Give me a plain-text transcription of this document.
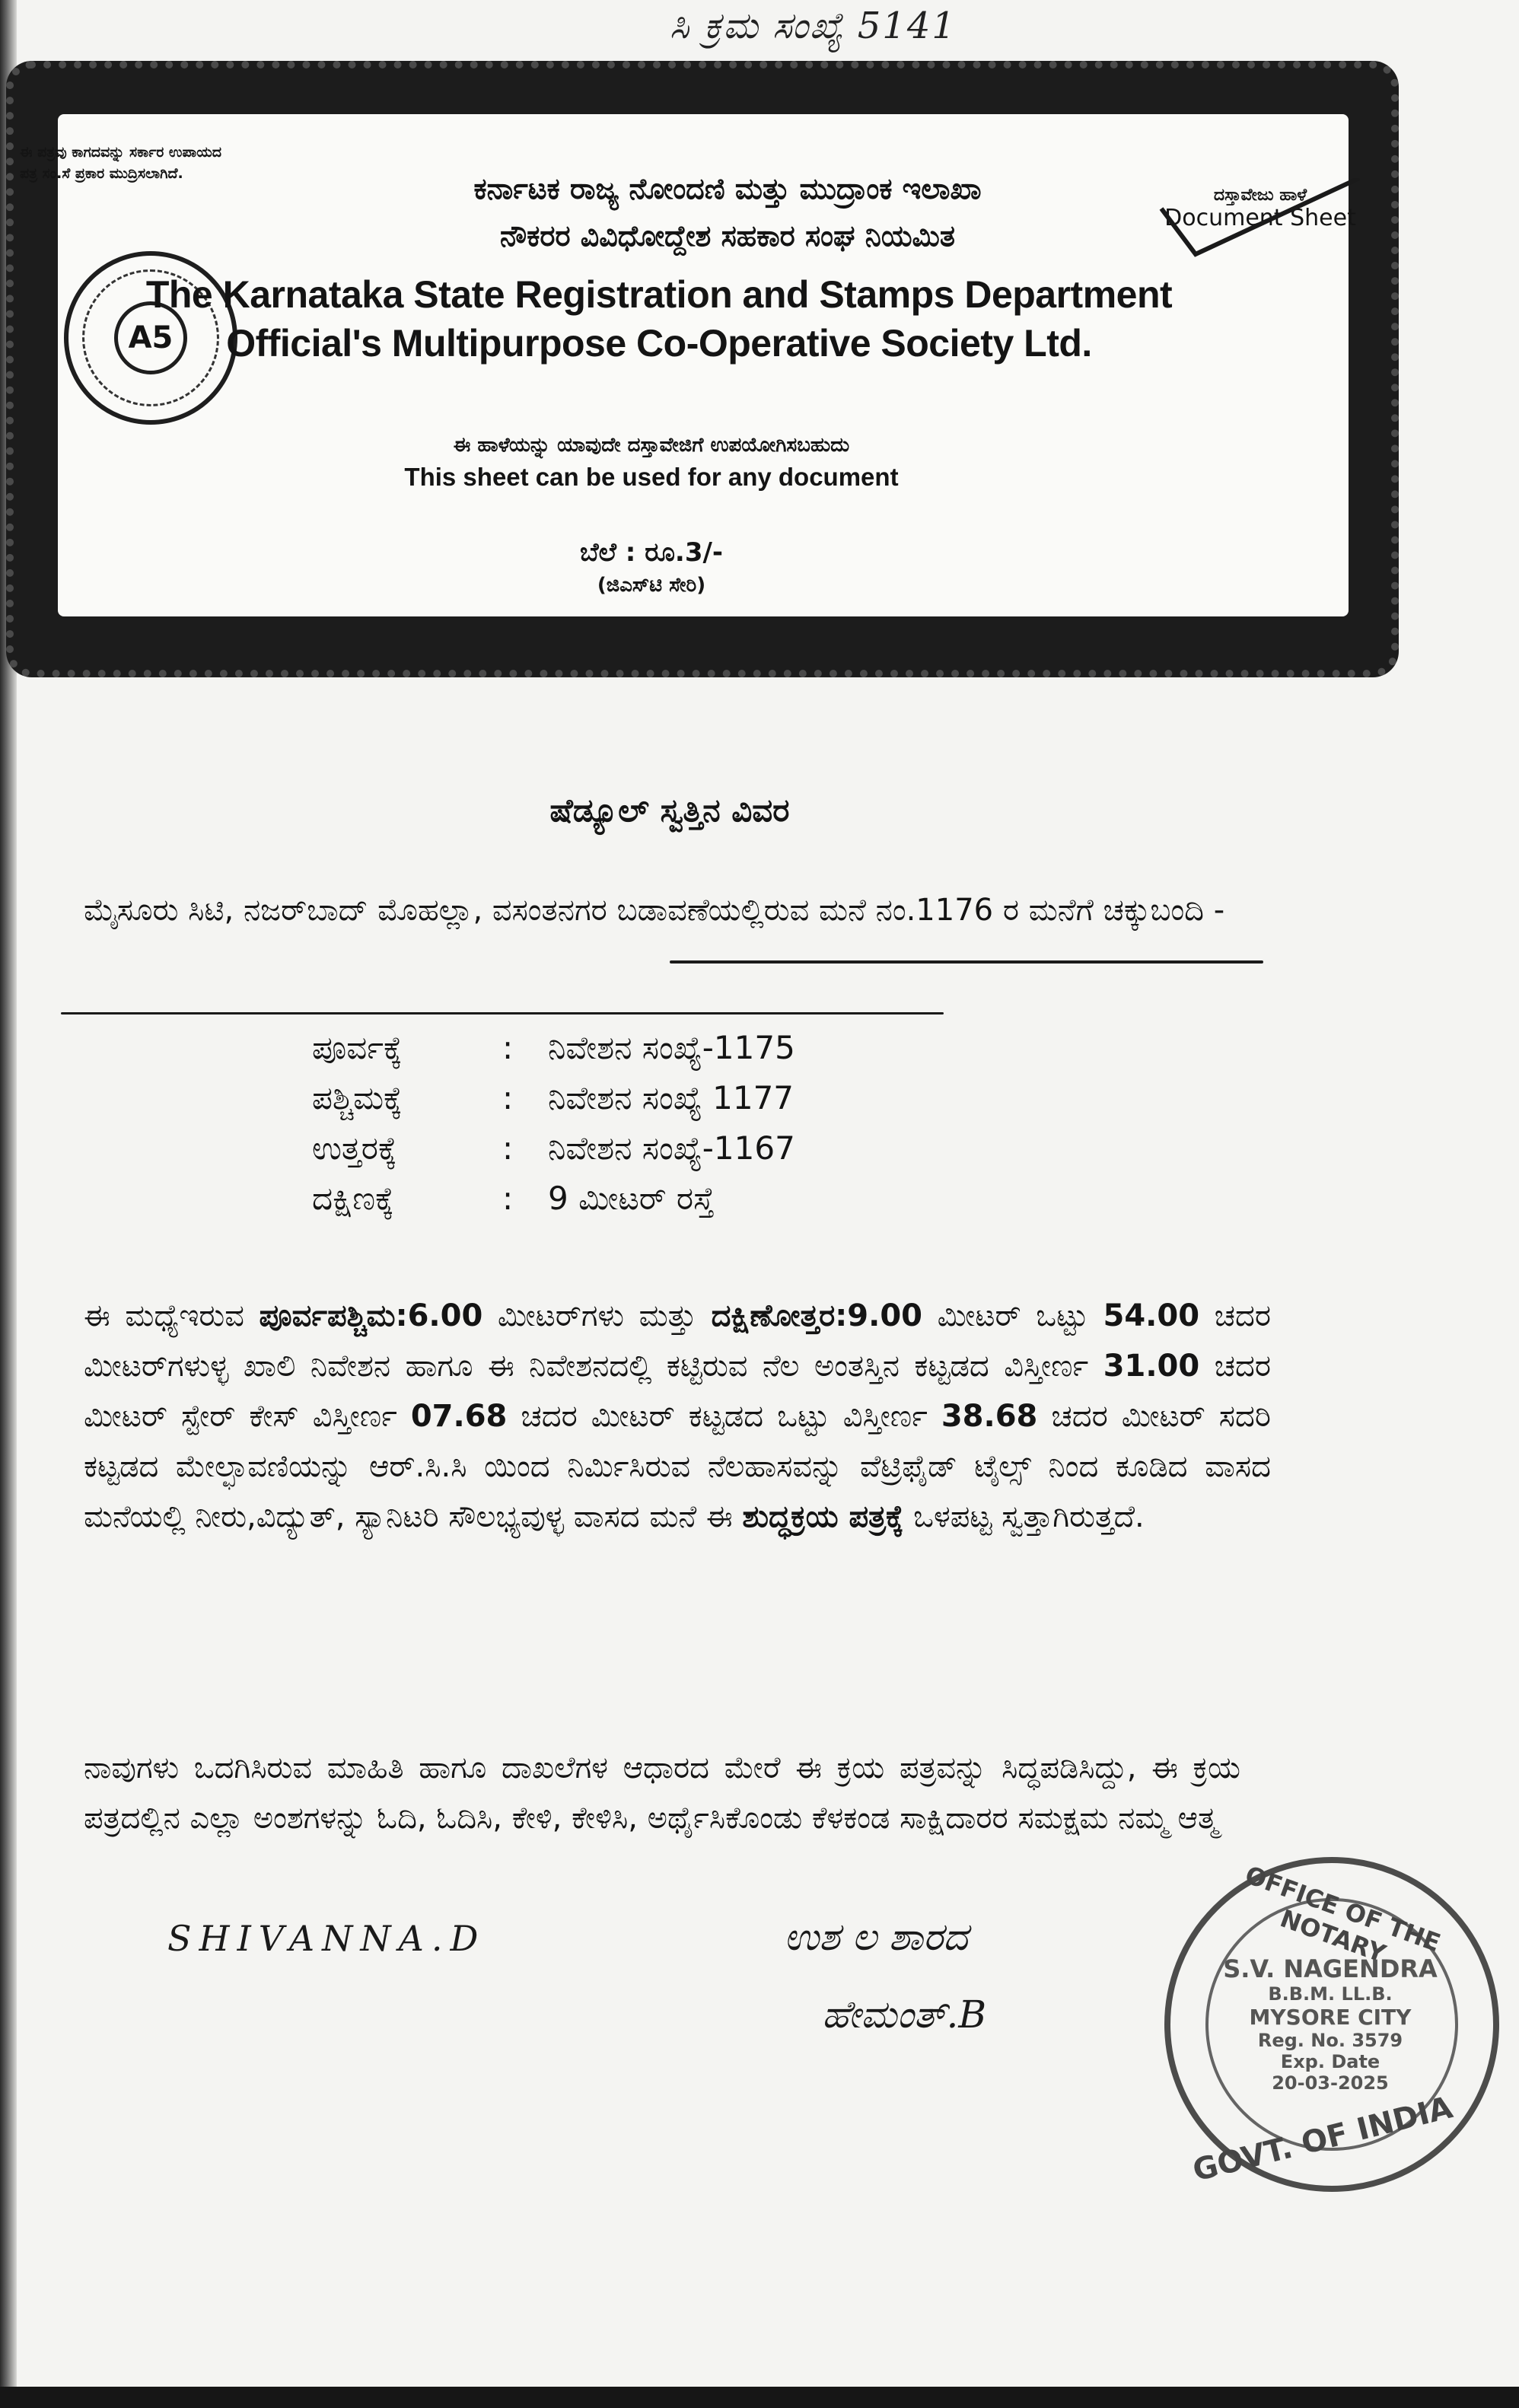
ಸಿ ಕ್ರಮ ಸಂಖ್ಯೆ 5141
ಈ ಪತ್ರವು ಕಾಗದವನ್ನು ಸರ್ಕಾರ ಉಪಾಯದ
ಪತ್ರ ಸಂ.ಸೆ ಪ್ರಕಾರ ಮುದ್ರಿಸಲಾಗಿದೆ.
ದಸ್ತಾವೇಜು ಹಾಳೆ
Document Sheet
A5
ಕರ್ನಾಟಕ ರಾಜ್ಯ ನೋಂದಣಿ ಮತ್ತು ಮುದ್ರಾಂಕ ಇಲಾಖಾ
ನೌಕರರ ವಿವಿಧೋದ್ದೇಶ ಸಹಕಾರ ಸಂಘ ನಿಯಮಿತ
The Karnataka State Registration and Stamps Department
Official's Multipurpose Co-Operative Society Ltd.
ಈ ಹಾಳೆಯನ್ನು ಯಾವುದೇ ದಸ್ತಾವೇಜಿಗೆ ಉಪಯೋಗಿಸಬಹುದು
This sheet can be used for any document
ಬೆಲೆ : ರೂ.3/-
(ಜಿಎಸ್‌ಟಿ ಸೇರಿ)
ಷೆಡ್ಯೂಲ್ ಸ್ವತ್ತಿನ ವಿವರ
ಮೈಸೂರು ಸಿಟಿ, ನಜರ್‌ಬಾದ್ ಮೊಹಲ್ಲಾ, ವಸಂತನಗರ ಬಡಾವಣೆಯಲ್ಲಿರುವ ಮನೆ ನಂ.1176 ರ ಮನೆಗೆ ಚಕ್ಕುಬಂದಿ -
ಪೂರ್ವಕ್ಕೆ	:	ನಿವೇಶನ ಸಂಖ್ಯೆ-1175
ಪಶ್ಚಿಮಕ್ಕೆ	:	ನಿವೇಶನ ಸಂಖ್ಯೆ 1177
ಉತ್ತರಕ್ಕೆ	:	ನಿವೇಶನ ಸಂಖ್ಯೆ-1167
ದಕ್ಷಿಣಕ್ಕೆ	:	9 ಮೀಟರ್ ರಸ್ತೆ
ಈ ಮಧ್ಯೆಇರುವ ಪೂರ್ವಪಶ್ಚಿಮ:6.00 ಮೀಟರ್‌ಗಳು ಮತ್ತು ದಕ್ಷಿಣೋತ್ತರ:9.00 ಮೀಟರ್ ಒಟ್ಟು 54.00 ಚದರ ಮೀಟರ್‌ಗಳುಳ್ಳ ಖಾಲಿ ನಿವೇಶನ ಹಾಗೂ ಈ ನಿವೇಶನದಲ್ಲಿ ಕಟ್ಟಿರುವ ನೆಲ ಅಂತಸ್ತಿನ ಕಟ್ಟಡದ ವಿಸ್ತೀರ್ಣ 31.00 ಚದರ ಮೀಟರ್ ಸ್ಟೇರ್ ಕೇಸ್ ವಿಸ್ತೀರ್ಣ 07.68 ಚದರ ಮೀಟರ್ ಕಟ್ಟಡದ ಒಟ್ಟು ವಿಸ್ತೀರ್ಣ 38.68 ಚದರ ಮೀಟರ್ ಸದರಿ ಕಟ್ಟಡದ ಮೇಲ್ಛಾವಣಿಯನ್ನು ಆರ್.ಸಿ.ಸಿ ಯಿಂದ ನಿರ್ಮಿಸಿರುವ ನೆಲಹಾಸವನ್ನು ವೆಟ್ರಿಫೈಡ್ ಟೈಲ್ಸ್ ನಿಂದ ಕೂಡಿದ ವಾಸದ ಮನೆಯಲ್ಲಿ ನೀರು,ವಿದ್ಯುತ್, ಸ್ಯಾನಿಟರಿ ಸೌಲಭ್ಯವುಳ್ಳ ವಾಸದ ಮನೆ ಈ ಶುದ್ಧಕ್ರಯ ಪತ್ರಕ್ಕೆ ಒಳಪಟ್ಟ ಸ್ವತ್ತಾಗಿರುತ್ತದೆ.
ನಾವುಗಳು ಒದಗಿಸಿರುವ ಮಾಹಿತಿ ಹಾಗೂ ದಾಖಲೆಗಳ ಆಧಾರದ ಮೇರೆ ಈ ಕ್ರಯ ಪತ್ರವನ್ನು ಸಿದ್ಧಪಡಿಸಿದ್ದು, ಈ ಕ್ರಯ ಪತ್ರದಲ್ಲಿನ ಎಲ್ಲಾ ಅಂಶಗಳನ್ನು ಓದಿ, ಓದಿಸಿ, ಕೇಳಿ, ಕೇಳಿಸಿ, ಅರ್ಥೈಸಿಕೊಂಡು ಕೆಳಕಂಡ ಸಾಕ್ಷಿದಾರರ ಸಮಕ್ಷಮ ನಮ್ಮ ಆತ್ಮ
SHIVANNA.D	ಉಶ ಲ ಶಾರದ
ಹೇಮಂತ್.B
OFFICE OF THE NOTARY
S.V. NAGENDRA
B.B.M. LL.B.
MYSORE CITY
Reg. No. 3579
Exp. Date
20-03-2025
GOVT. OF INDIA
